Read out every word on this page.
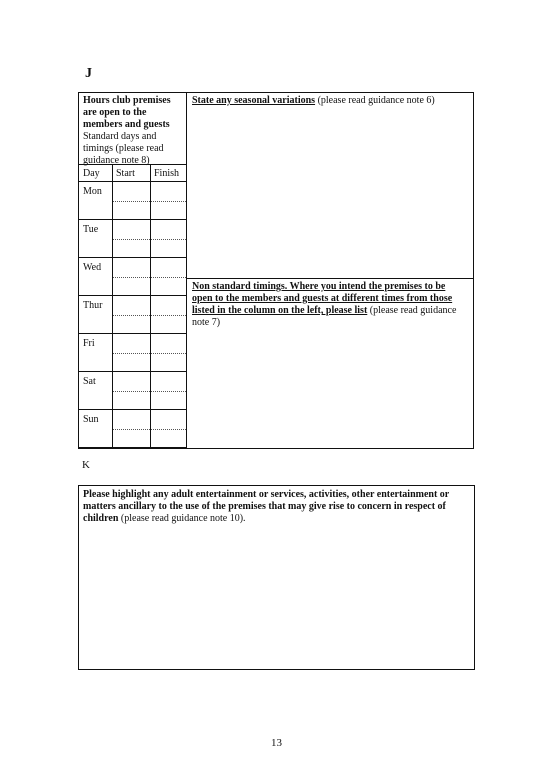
J
Hours club premises are open to the members and guests
Standard days and timings (please read guidance note 8)
Day Start Finish
Mon
Tue
Wed
Thur
Fri
Sat
Sun
State any seasonal variations (please read guidance note 6)
Non standard timings. Where you intend the premises to be open to the members and guests at different times from those listed in the column on the left, please list (please read guidance note 7)
K
Please highlight any adult entertainment or services, activities, other entertainment or matters ancillary to the use of the premises that may give rise to concern in respect of children (please read guidance note 10).
13
